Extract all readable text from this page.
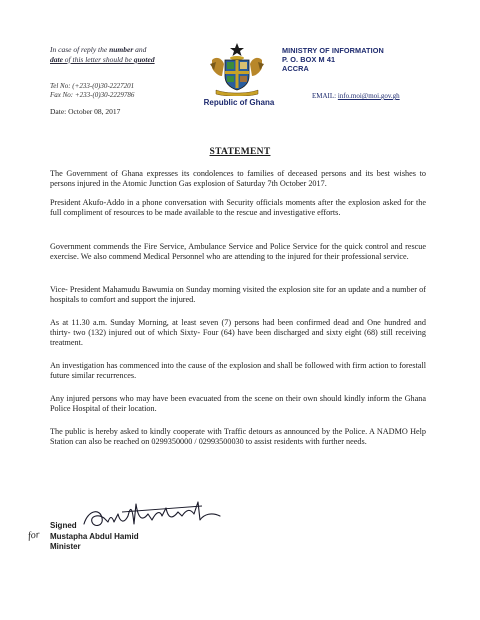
In case of reply the number and
date of this letter should be quoted
Tel No: (+233-(0)30-2227201
Fax No: +233-(0)30-2229786
Date: October 08, 2017
Republic of Ghana
MINISTRY OF INFORMATION
P. O. BOX M 41
ACCRA
EMAIL: info.moi@moi.gov.gh
STATEMENT
The Government of Ghana expresses its condolences to families of deceased persons and its best wishes to persons injured in the Atomic Junction Gas explosion of Saturday 7th October 2017.
President Akufo-Addo in a phone conversation with Security officials moments after the explosion asked for the full compliment of resources to be made available to the rescue and investigative efforts.
Government commends the Fire Service, Ambulance Service and Police Service for the quick control and rescue exercise. We also commend Medical Personnel who are attending to the injured for their professional service.
Vice- President Mahamudu Bawumia on Sunday morning visited the explosion site for an update and a number of hospitals to comfort and support the injured.
As at 11.30 a.m. Sunday Morning, at least seven (7) persons had been confirmed dead and One hundred and thirty- two (132) injured out of which Sixty- Four (64) have been discharged and sixty eight (68) still receiving treatment.
An investigation has commenced into the cause of the explosion and shall be followed with firm action to forestall future similar recurrences.
Any injured persons who may have been evacuated from the scene on their own should kindly inform the Ghana Police Hospital of their location.
The public is hereby asked to kindly cooperate with Traffic detours as announced by the Police. A NADMO Help Station can also be reached on 0299350000 / 02993500030 to assist residents with further needs.
Signed
for Mustapha Abdul Hamid
Minister
